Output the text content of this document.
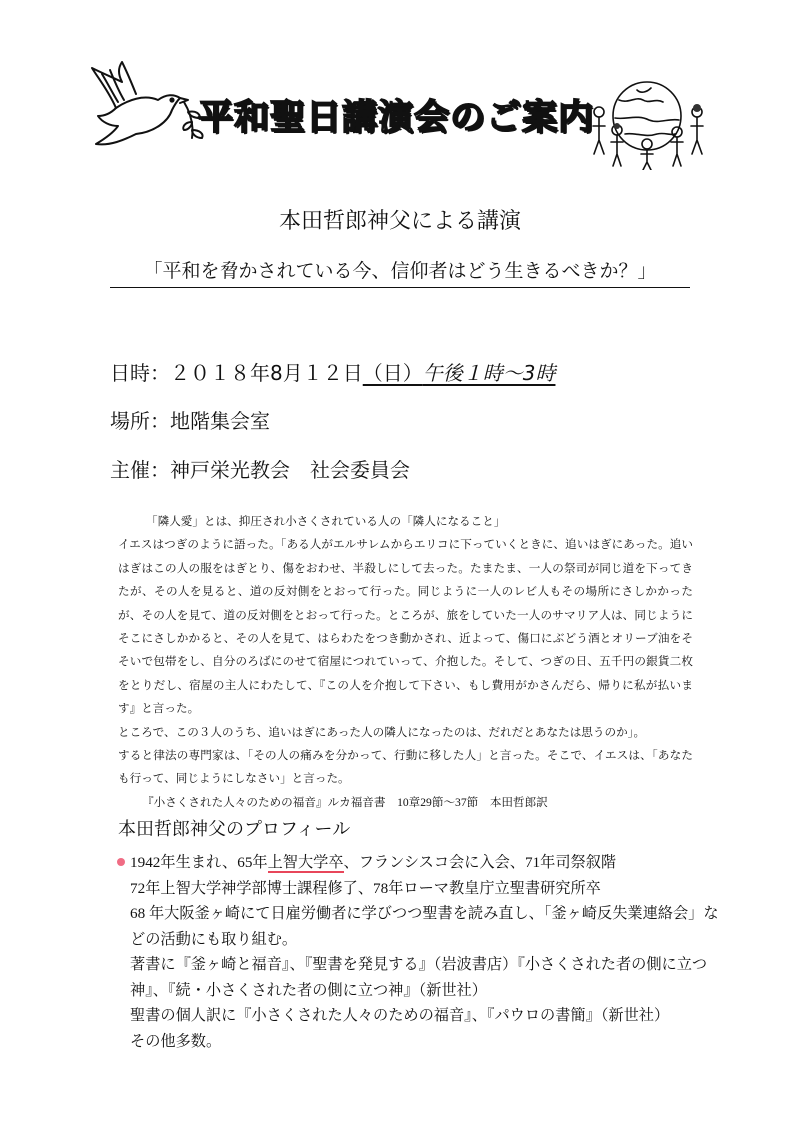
平和聖日講演会のご案内
本田哲郎神父による講演
「平和を脅かされている今、信仰者はどう生きるべきか？」
日時：２０１８年8月１２日（日）午後１時〜3時
場所：地階集会室
主催：神戸栄光教会　社会委員会

「隣人愛」とは、抑圧され小さくされている人の「隣人になること」

イエスはつぎのように語った。「ある人がエルサレムからエリコに下っていくときに、追いはぎにあった。追いはぎはこの人の服をはぎとり、傷をおわせ、半殺しにして去った。たまたま、一人の祭司が同じ道を下ってきたが、その人を見ると、道の反対側をとおって行った。同じように一人のレビ人もその場所にさしかかったが、その人を見て、道の反対側をとおって行った。ところが、旅をしていた一人のサマリア人は、同じようにそこにさしかかると、その人を見て、はらわたをつき動かされ、近よって、傷口にぶどう酒とオリーブ油をそそいで包帯をし、自分のろばにのせて宿屋につれていって、介抱した。そして、つぎの日、五千円の銀貨二枚をとりだし、宿屋の主人にわたして、『この人を介抱して下さい、もし費用がかさんだら、帰りに私が払います』と言った。

ところで、この３人のうち、追いはぎにあった人の隣人になったのは、だれだとあなたは思うのか」。

すると律法の専門家は、「その人の痛みを分かって、行動に移した人」と言った。そこで、イエスは、「あなたも行って、同じようにしなさい」と言った。

『小さくされた人々のための福音』ルカ福音書　10章29節〜37節　本田哲郎訳

本田哲郎神父のプロフィール

1942年生まれ、65年上智大学卒、フランシスコ会に入会、71年司祭叙階

72年上智大学神学部博士課程修了、78年ローマ教皇庁立聖書研究所卒

68 年大阪釜ヶ崎にて日雇労働者に学びつつ聖書を読み直し、「釜ヶ崎反失業連絡会」などの活動にも取り組む。

著書に『釜ヶ崎と福音』、『聖書を発見する』（岩波書店）『小さくされた者の側に立つ神』、『続・小さくされた者の側に立つ神』（新世社）

聖書の個人訳に『小さくされた人々のための福音』、『パウロの書簡』（新世社）

その他多数。
